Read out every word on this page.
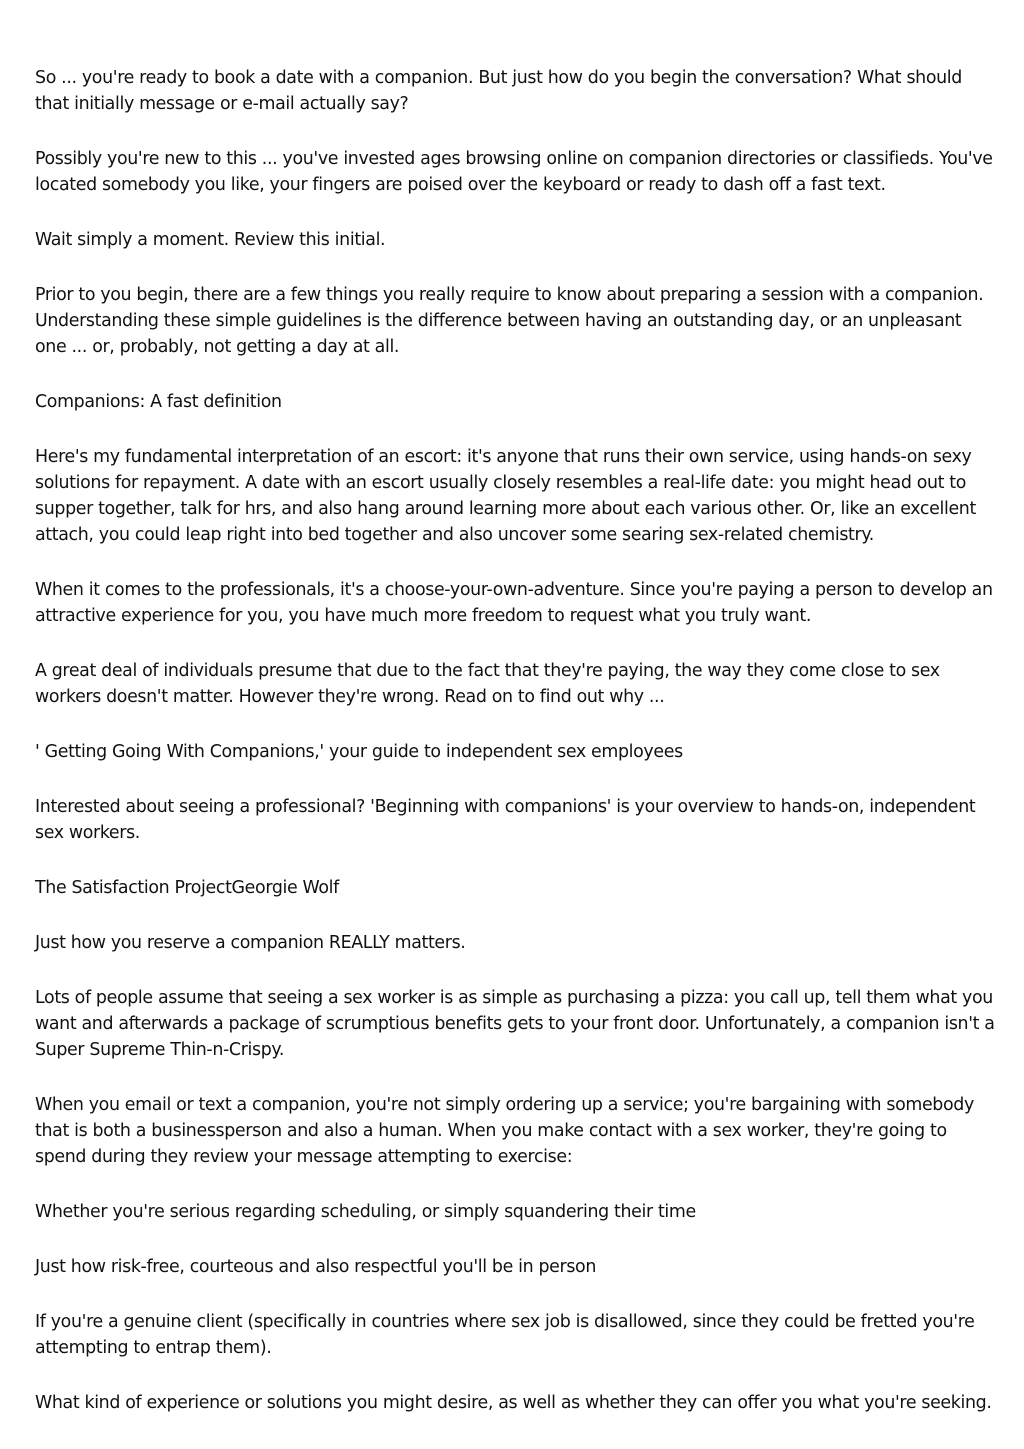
So ... you're ready to book a date with a companion. But just how do you begin the conversation? What should that initially message or e-mail actually say?

Possibly you're new to this ... you've invested ages browsing online on companion directories or classifieds. You've located somebody you like, your fingers are poised over the keyboard or ready to dash off a fast text.

Wait simply a moment. Review this initial.

Prior to you begin, there are a few things you really require to know about preparing a session with a companion. Understanding these simple guidelines is the difference between having an outstanding day, or an unpleasant one ... or, probably, not getting a day at all.

Companions: A fast definition

Here's my fundamental interpretation of an escort: it's anyone that runs their own service, using hands-on sexy solutions for repayment. A date with an escort usually closely resembles a real-life date: you might head out to supper together, talk for hrs, and also hang around learning more about each various other. Or, like an excellent attach, you could leap right into bed together and also uncover some searing sex-related chemistry.

When it comes to the professionals, it's a choose-your-own-adventure. Since you're paying a person to develop an attractive experience for you, you have much more freedom to request what you truly want.

A great deal of individuals presume that due to the fact that they're paying, the way they come close to sex workers doesn't matter. However they're wrong. Read on to find out why ...

' Getting Going With Companions,' your guide to independent sex employees

Interested about seeing a professional? 'Beginning with companions' is your overview to hands-on, independent sex workers.

The Satisfaction ProjectGeorgie Wolf

Just how you reserve a companion REALLY matters.

Lots of people assume that seeing a sex worker is as simple as purchasing a pizza: you call up, tell them what you want and afterwards a package of scrumptious benefits gets to your front door. Unfortunately, a companion isn't a Super Supreme Thin-n-Crispy.

When you email or text a companion, you're not simply ordering up a service; you're bargaining with somebody that is both a businessperson and also a human. When you make contact with a sex worker, they're going to spend during they review your message attempting to exercise:

Whether you're serious regarding scheduling, or simply squandering their time

Just how risk-free, courteous and also respectful you'll be in person

If you're a genuine client (specifically in countries where sex job is disallowed, since they could be fretted you're attempting to entrap them).

What kind of experience or solutions you might desire, as well as whether they can offer you what you're seeking.
